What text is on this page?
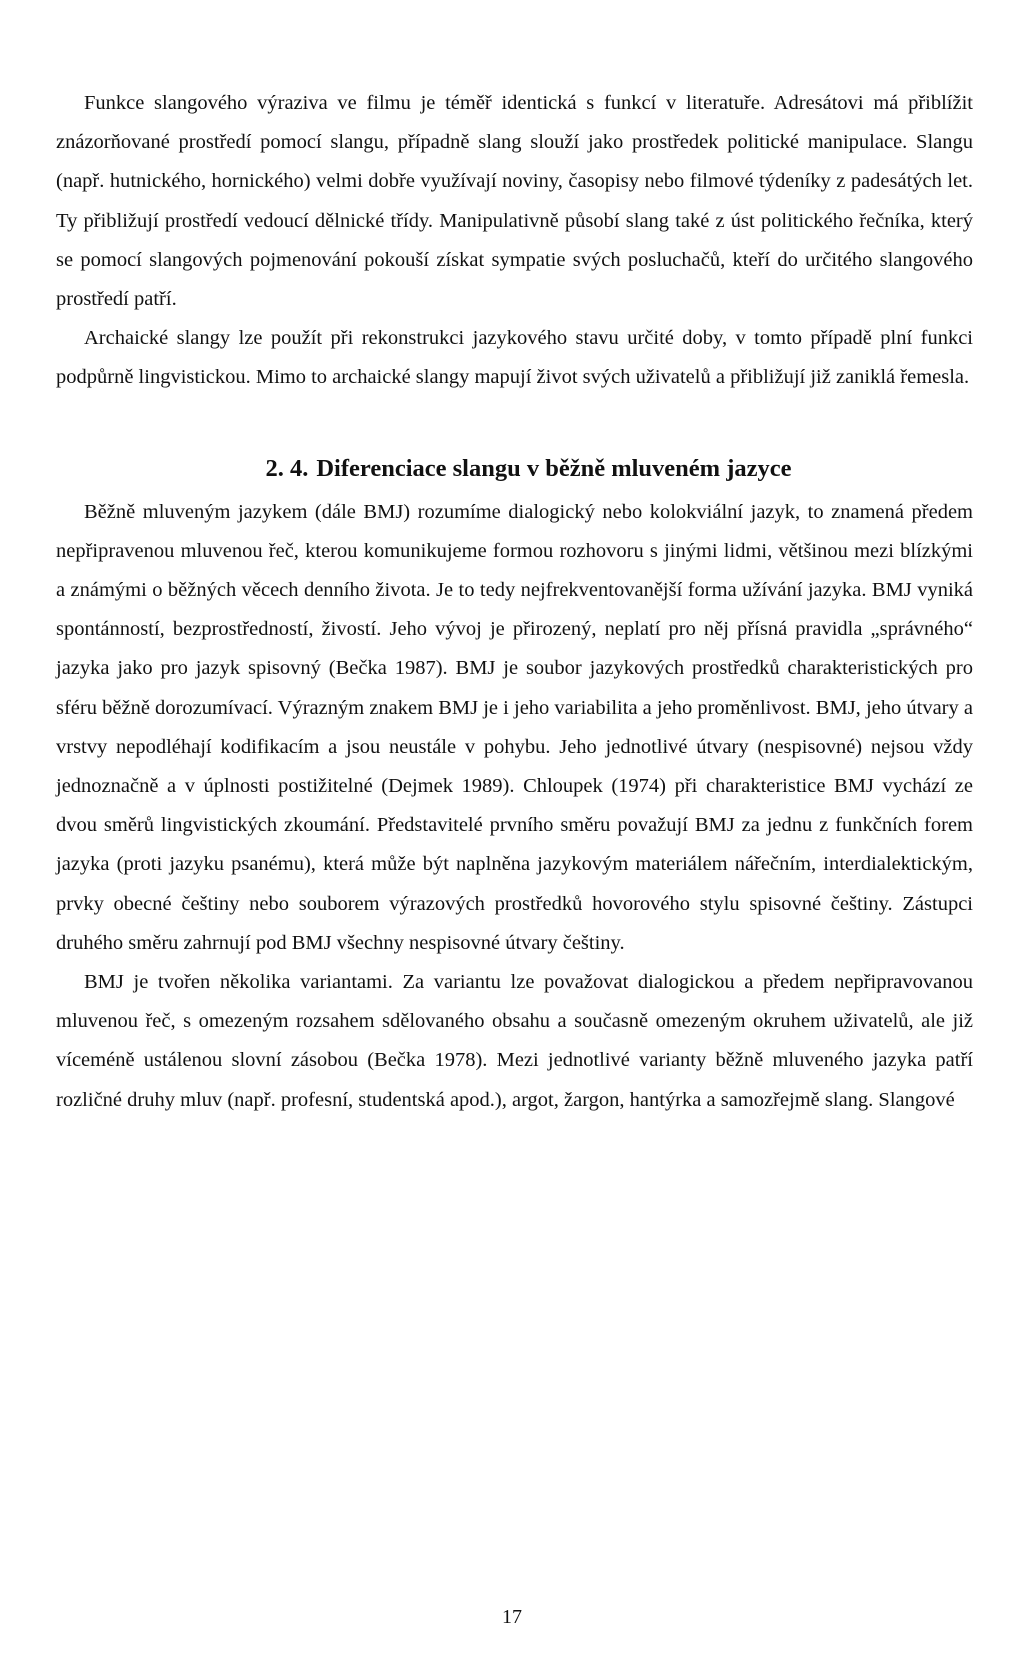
Funkce slangového výraziva ve filmu je téměř identická s funkcí v literatuře. Adresátovi má přiblížit znázorňované prostředí pomocí slangu, případně slang slouží jako prostředek politické manipulace. Slangu (např. hutnického, hornického) velmi dobře využívají noviny, časopisy nebo filmové týdeníky z padesátých let. Ty přibližují prostředí vedoucí dělnické třídy. Manipulativně působí slang také z úst politického řečníka, který se pomocí slangových pojmenování pokouší získat sympatie svých posluchačů, kteří do určitého slangového prostředí patří.

Archaické slangy lze použít při rekonstrukci jazykového stavu určité doby, v tomto případě plní funkci podpůrně lingvistickou. Mimo to archaické slangy mapují život svých uživatelů a přibližují již zaniklá řemesla.

2. 4. Diferenciace slangu v běžně mluveném jazyce

Běžně mluveným jazykem (dále BMJ) rozumíme dialogický nebo kolokviální jazyk, to znamená předem nepřipravenou mluvenou řeč, kterou komunikujeme formou rozhovoru s jinými lidmi, většinou mezi blízkými a známými o běžných věcech denního života. Je to tedy nejfrekventovanější forma užívání jazyka. BMJ vyniká spontánností, bezprostředností, živostí. Jeho vývoj je přirozený, neplatí pro něj přísná pravidla „správného“ jazyka jako pro jazyk spisovný (Bečka 1987). BMJ je soubor jazykových prostředků charakteristických pro sféru běžně dorozumívací. Výrazným znakem BMJ je i jeho variabilita a jeho proměnlivost. BMJ, jeho útvary a vrstvy nepodléhají kodifikacím a jsou neustále v pohybu. Jeho jednotlivé útvary (nespisovné) nejsou vždy jednoznačně a v úplnosti postižitelné (Dejmek 1989). Chloupek (1974) při charakteristice BMJ vychází ze dvou směrů lingvistických zkoumání. Představitelé prvního směru považují BMJ za jednu z funkčních forem jazyka (proti jazyku psanému), která může být naplněna jazykovým materiálem nářečním, interdialektickým, prvky obecné češtiny nebo souborem výrazových prostředků hovorového stylu spisovné češtiny. Zástupci druhého směru zahrnují pod BMJ všechny nespisovné útvary češtiny.

BMJ je tvořen několika variantami. Za variantu lze považovat dialogickou a předem nepřipravovanou mluvenou řeč, s omezeným rozsahem sdělovaného obsahu a současně omezeným okruhem uživatelů, ale již víceméně ustálenou slovní zásobou (Bečka 1978). Mezi jednotlivé varianty běžně mluveného jazyka patří rozličné druhy mluv (např. profesní, studentská apod.), argot, žargon, hantýrka a samozřejmě slang. Slangové

17
